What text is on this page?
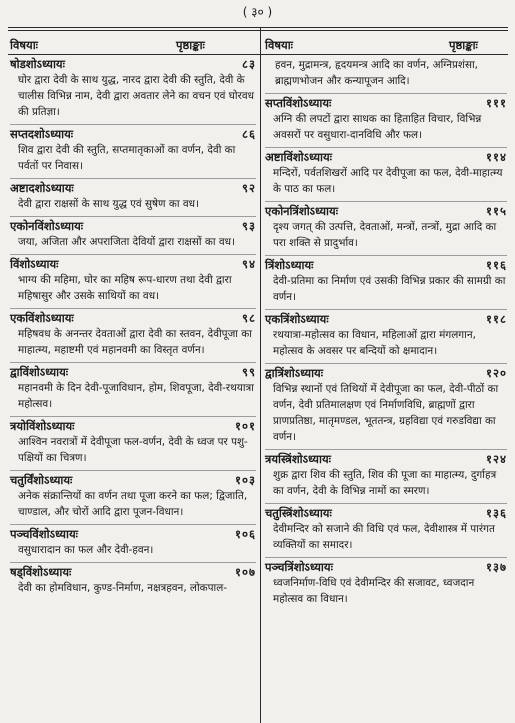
( ३० )
विषयाः	पृष्ठाङ्काः	विषयाः	पृष्ठाङ्काः
षोडशोऽध्यायः	८३
घोर द्वारा देवी के साथ युद्ध, नारद द्वारा देवी की स्तुति, देवी के चालीस विभिन्न नाम, देवी द्वारा अवतार लेने का वचन एवं घोरवध की प्रतिज्ञा।
सप्तदशोऽध्यायः	८६
शिव द्वारा देवी की स्तुति, सप्तमातृकाओं का वर्णन, देवी का पर्वतों पर निवास।
अष्टादशोऽध्यायः	९२
देवी द्वारा राक्षसों के साथ युद्ध एवं सुषेण का वध।
एकोनविंशोऽध्यायः	९३
जया, अजिता और अपराजिता देवियों द्वारा राक्षसों का वध।
विंशोऽध्यायः	९४
भाग्य की महिमा, घोर का महिष रूप-धारण तथा देवी द्वारा महिषासुर और उसके साथियों का वध।
एकविंशोऽध्यायः	९८
महिषवध के अनन्तर देवताओं द्वारा देवी का स्तवन, देवीपूजा का माहात्म्य, महाष्टमी एवं महानवमी का विस्तृत वर्णन।
द्वाविंशोऽध्यायः	९९
महानवमी के दिन देवी-पूजाविधान, होम, शिवपूजा, देवी-रथयात्रा महोत्सव।
त्रयोविंशोऽध्यायः	१०१
आश्विन नवरात्रों में देवीपूजा फल-वर्णन, देवी के ध्वज पर पशु-पक्षियों का चित्रण।
चतुर्विंशोऽध्यायः	१०३
अनेक संक्रान्तियों का वर्णन तथा पूजा करने का फल; द्विजाति, चाण्डाल, और चोरों आदि द्वारा पूजन-विधान।
पञ्चविंशोऽध्यायः	१०६
वसुधारादान का फल और देवी-हवन।
षड्विंशोऽध्यायः	१०७
देवी का होमविधान, कुण्ड-निर्माण, नक्षत्रहवन, लोकपाल-
हवन, मुद्रामन्त्र, हृदयमन्त्र आदि का वर्णन, अग्निप्रशंसा, ब्राह्मणभोजन और कन्यापूजन आदि।
सप्तविंशोऽध्यायः	१११
अग्नि की लपटों द्वारा साधक का हिताहित विचार, विभिन्न अवसरों पर वसुधारा-दानविधि और फल।
अष्टाविंशोऽध्यायः	११४
मन्दिरों, पर्वतशिखरों आदि पर देवीपूजा का फल, देवी-माहात्म्य के पाठ का फल।
एकोनत्रिंशोऽध्यायः	११५
दृश्य जगत् की उत्पत्ति, देवताओं, मन्त्रों, तन्त्रों, मुद्रा आदि का परा शक्ति से प्रादुर्भाव।
त्रिंशोऽध्यायः	११६
देवी-प्रतिमा का निर्माण एवं उसकी विभिन्न प्रकार की सामग्री का वर्णन।
एकत्रिंशोऽध्यायः	११८
रथयात्रा-महोत्सव का विधान, महिलाओं द्वारा मंगलगान, महोत्सव के अवसर पर बन्दियों को क्षमादान।
द्वात्रिंशोऽध्यायः	१२०
विभिन्न स्थानों एवं तिथियों में देवीपूजा का फल, देवी-पीठों का वर्णन, देवी प्रतिमालक्षण एवं निर्माणविधि, ब्राह्मणों द्वारा प्राणप्रतिष्ठा, मातृमण्डल, भूततन्त्र, ग्रहविद्या एवं गरुडविद्या का वर्णन।
त्रयस्त्रिंशोऽध्यायः	१२४
शुक्र द्वारा शिव की स्तुति, शिव की पूजा का माहात्म्य, दुर्गाहत्र का वर्णन, देवी के विभिन्न नामों का स्मरण।
चतुस्त्रिंशोऽध्यायः	१३६
देवीमन्दिर को सजाने की विधि एवं फल, देवीशास्त्र में पारंगत व्यक्तियों का समादर।
पञ्चत्रिंशोऽध्यायः	१३७
ध्वजनिर्माण-विधि एवं देवीमन्दिर की सजावट, ध्वजदान महोत्सव का विधान।
